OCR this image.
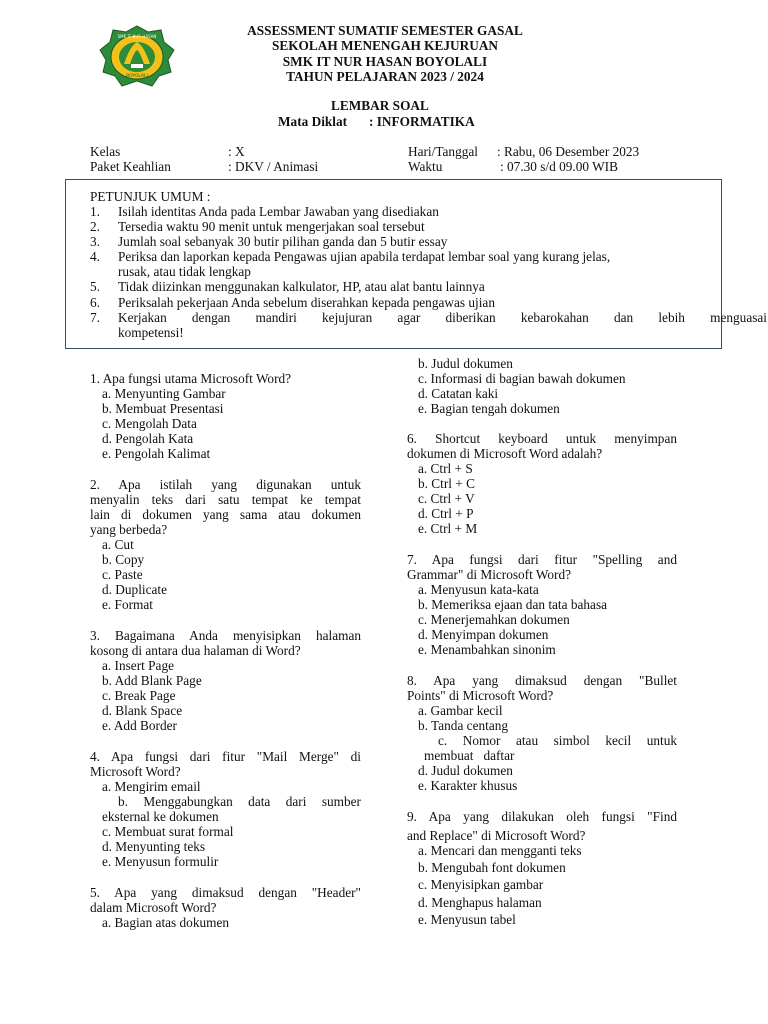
SMK IT NUR HASAN
BOYOLALI
ASSESSMENT SUMATIF SEMESTER GASAL
SEKOLAH MENENGAH KEJURUAN
SMK IT NUR HASAN BOYOLALI
TAHUN PELAJARAN 2023 / 2024
LEMBAR SOAL
Mata Diklat : INFORMATIKA
Kelas	: X
Paket Keahlian	: DKV / Animasi
Hari/Tanggal : Rabu, 06 Desember 2023
Waktu	: 07.30 s/d 09.00 WIB
PETUNJUK UMUM :
1. Isilah identitas Anda pada Lembar Jawaban yang disediakan
2. Tersedia waktu 90 menit untuk mengerjakan soal tersebut
3. Jumlah soal sebanyak 30 butir pilihan ganda dan 5 butir essay
4. Periksa dan laporkan kepada Pengawas ujian apabila terdapat lembar soal yang kurang jelas,
rusak, atau tidak lengkap
5. Tidak diizinkan menggunakan kalkulator, HP, atau alat bantu lainnya
6. Periksalah pekerjaan Anda sebelum diserahkan kepada pengawas ujian
7. Kerjakan dengan mandiri kejujuran agar diberikan kebarokahan dan lebih menguasai
kompetensi!
1. Apa fungsi utama Microsoft Word?
a. Menyunting Gambar
b. Membuat Presentasi
c. Mengolah Data
d. Pengolah Kata
e. Pengolah Kalimat
2. Apa istilah yang digunakan untuk
menyalin teks dari satu tempat ke tempat
lain di dokumen yang sama atau dokumen
yang berbeda?
a. Cut
b. Copy
c. Paste
d. Duplicate
e. Format
3. Bagaimana Anda menyisipkan halaman
kosong di antara dua halaman di Word?
a. Insert Page
b. Add Blank Page
c. Break Page
d. Blank Space
e. Add Border
4. Apa fungsi dari fitur "Mail Merge" di
Microsoft Word?
a. Mengirim email
b. Menggabungkan data dari sumber
eksternal ke dokumen
c. Membuat surat formal
d. Menyunting teks
e. Menyusun formulir
5. Apa yang dimaksud dengan "Header"
dalam Microsoft Word?
a. Bagian atas dokumen
b. Judul dokumen
c. Informasi di bagian bawah dokumen
d. Catatan kaki
e. Bagian tengah dokumen
6. Shortcut keyboard untuk menyimpan
dokumen di Microsoft Word adalah?
a. Ctrl + S
b. Ctrl + C
c. Ctrl + V
d. Ctrl + P
e. Ctrl + M
7. Apa fungsi dari fitur "Spelling and
Grammar" di Microsoft Word?
a. Menyusun kata-kata
b. Memeriksa ejaan dan tata bahasa
c. Menerjemahkan dokumen
d. Menyimpan dokumen
e. Menambahkan sinonim
8. Apa yang dimaksud dengan "Bullet
Points" di Microsoft Word?
a. Gambar kecil
b. Tanda centang
c. Nomor atau simbol kecil untuk
membuat   daftar
d. Judul dokumen
e. Karakter khusus
9. Apa yang dilakukan oleh fungsi "Find
and Replace" di Microsoft Word?
a. Mencari dan mengganti teks
b. Mengubah font dokumen
c. Menyisipkan gambar
d. Menghapus halaman
e. Menyusun tabel
